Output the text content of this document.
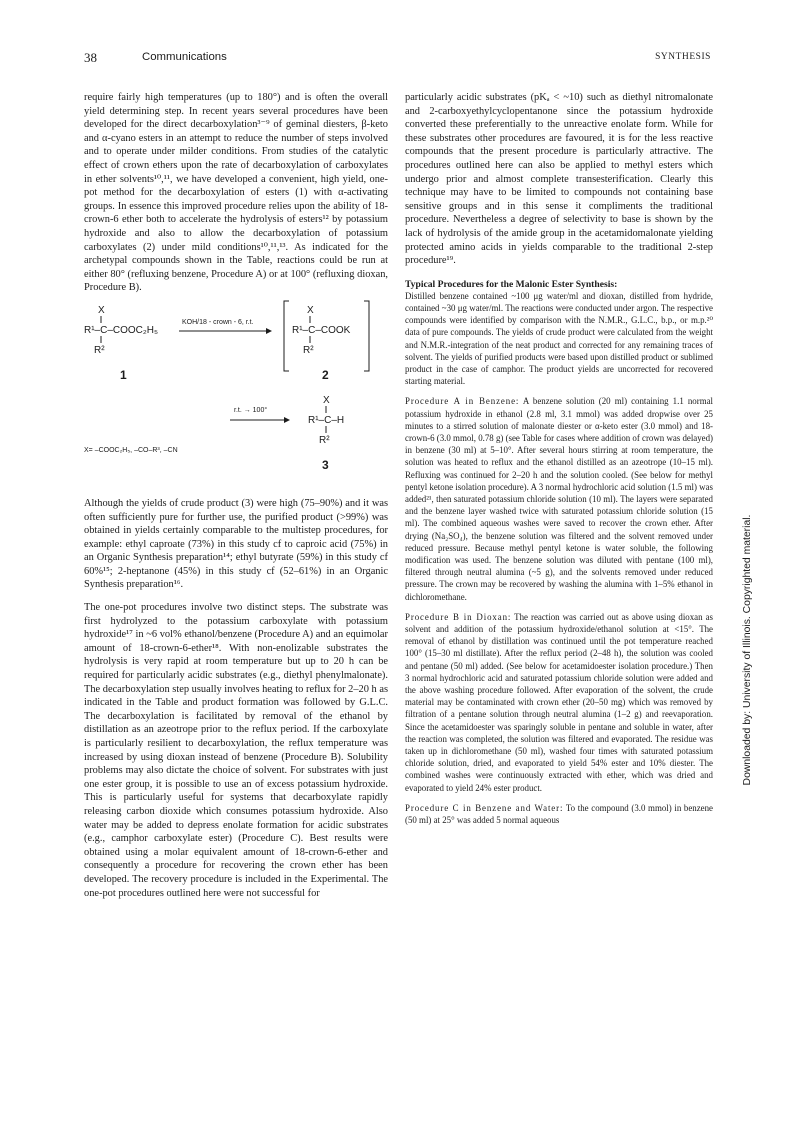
38	Communications	SYNTHESIS

require fairly high temperatures (up to 180°) and is often the overall yield determining step. In recent years several procedures have been developed for the direct decarboxylation³⁻⁹ of geminal diesters, β-keto and α-cyano esters in an attempt to reduce the number of steps involved and to operate under milder conditions. From studies of the catalytic effect of crown ethers upon the rate of decarboxylation of carboxylates in ether solvents¹⁰,¹¹, we have developed a convenient, high yield, one-pot method for the decarboxylation of esters (1) with α-activating groups. In essence this improved procedure relies upon the ability of 18-crown-6 ether both to accelerate the hydrolysis of esters¹² by potassium hydroxide and also to allow the decarboxylation of potassium carboxylates (2) under mild conditions¹⁰,¹¹,¹³. As indicated for the archetypal compounds shown in the Table, reactions could be run at either 80° (refluxing benzene, Procedure A) or at 100° (refluxing dioxan, Procedure B).

X
R¹–C–COOC₂H₅
R²
1
KOH/18 - crown - 6, r.t.
X
R¹–C–COOK
R²
2
r.t. → 100°
X
R¹–C–H
R²
3
X= –COOC₂H₅, –CO–R³, –CN

Although the yields of crude product (3) were high (75–90%) and it was often sufficiently pure for further use, the purified product (>99%) was obtained in yields certainly comparable to the multistep procedures, for example: ethyl caproate (73%) in this study cf to caproic acid (75%) in an Organic Synthesis preparation¹⁴; ethyl butyrate (59%) in this study cf 60%¹⁵; 2-heptanone (45%) in this study cf (52–61%) in an Organic Synthesis preparation¹⁶.

The one-pot procedures involve two distinct steps. The substrate was first hydrolyzed to the potassium carboxylate with potassium hydroxide¹⁷ in ~6 vol% ethanol/benzene (Procedure A) and an equimolar amount of 18-crown-6-ether¹⁸. With non-enolizable substrates the hydrolysis is very rapid at room temperature but up to 20 h can be required for particularly acidic substrates (e.g., diethyl phenylmalonate). The decarboxylation step usually involves heating to reflux for 2–20 h as indicated in the Table and product formation was followed by G.L.C. The decarboxylation is facilitated by removal of the ethanol by distillation as an azeotrope prior to the reflux period. If the carboxylate is particularly resilient to decarboxylation, the reflux temperature was increased by using dioxan instead of benzene (Procedure B). Solubility problems may also dictate the choice of solvent. For substrates with just one ester group, it is possible to use an of excess potassium hydroxide. This is particularly useful for systems that decarboxylate rapidly releasing carbon dioxide which consumes potassium hydroxide. Also water may be added to depress enolate formation for acidic substrates (e.g., camphor carboxylate ester) (Procedure C). Best results were obtained using a molar equivalent amount of 18-crown-6-ether and consequently a procedure for recovering the crown ether has been developed. The recovery procedure is included in the Experimental. The one-pot procedures outlined here were not successful for

particularly acidic substrates (pKₐ < ~10) such as diethyl nitromalonate and 2-carboxyethylcyclopentanone since the potassium hydroxide converted these preferentially to the unreactive enolate form. While for these substrates other procedures are favoured, it is for the less reactive compounds that the present procedure is particularly attractive. The procedures outlined here can also be applied to methyl esters which undergo prior and almost complete transesterification. Clearly this technique may have to be limited to compounds not containing base sensitive groups and in this sense it compliments the traditional procedure. Nevertheless a degree of selectivity to base is shown by the lack of hydrolysis of the amide group in the acetamidomalonate yielding protected amino acids in yields comparable to the traditional 2-step procedure¹⁹.

Typical Procedures for the Malonic Ester Synthesis:

Distilled benzene contained ~100 μg water/ml and dioxan, distilled from hydride, contained ~30 μg water/ml. The reactions were conducted under argon. The respective compounds were identified by comparison with the N.M.R., G.L.C., b.p., or m.p.²⁰ data of pure compounds. The yields of crude product were calculated from the weight and N.M.R.-integration of the neat product and corrected for any remaining traces of solvent. The yields of purified products were based upon distilled product or sublimed product in the case of camphor. The product yields are uncorrected for recovered starting material.

Procedure A in Benzene: A benzene solution (20 ml) containing 1.1 normal potassium hydroxide in ethanol (2.8 ml, 3.1 mmol) was added dropwise over 25 minutes to a stirred solution of malonate diester or α-keto ester (3.0 mmol) and 18-crown-6 (3.0 mmol, 0.78 g) (see Table for cases where addition of crown was delayed) in benzene (30 ml) at 5–10°. After several hours stirring at room temperature, the solution was heated to reflux and the ethanol distilled as an azeotrope (10–15 ml). Refluxing was continued for 2–20 h and the solution cooled. (See below for methyl pentyl ketone isolation procedure). A 3 normal hydrochloric acid solution (1.5 ml) was added²¹, then saturated potassium chloride solution (10 ml). The layers were separated and the benzene layer washed twice with saturated potassium chloride solution (15 ml). The combined aqueous washes were saved to recover the crown ether. After drying (Na₂SO₄), the benzene solution was filtered and the solvent removed under reduced pressure. Because methyl pentyl ketone is water soluble, the following modification was used. The benzene solution was diluted with pentane (100 ml), filtered through neutral alumina (~5 g), and the solvents removed under reduced pressure. The crown may be recovered by washing the alumina with 1–5% ethanol in dichloromethane.

Procedure B in Dioxan: The reaction was carried out as above using dioxan as solvent and addition of the potassium hydroxide/ethanol solution at <15°. The removal of ethanol by distillation was continued until the pot temperature reached 100° (15–30 ml distillate). After the reflux period (2–48 h), the solution was cooled and pentane (50 ml) added. (See below for acetamidoester isolation procedure.) Then 3 normal hydrochloric acid and saturated potassium chloride solution were added and the above washing procedure followed. After evaporation of the solvent, the crude material may be contaminated with crown ether (20–50 mg) which was removed by filtration of a pentane solution through neutral alumina (1–2 g) and reevaporation. Since the acetamidoester was sparingly soluble in pentane and soluble in water, after the reaction was completed, the solution was filtered and evaporated. The residue was taken up in dichloromethane (50 ml), washed four times with saturated potassium chloride solution, dried, and evaporated to yield 54% ester and 10% diester. The combined washes were continuously extracted with ether, which was dried and evaporated to yield 24% ester product.

Procedure C in Benzene and Water: To the compound (3.0 mmol) in benzene (50 ml) at 25° was added 5 normal aqueous

Downloaded by: University of Illinois. Copyrighted material.
